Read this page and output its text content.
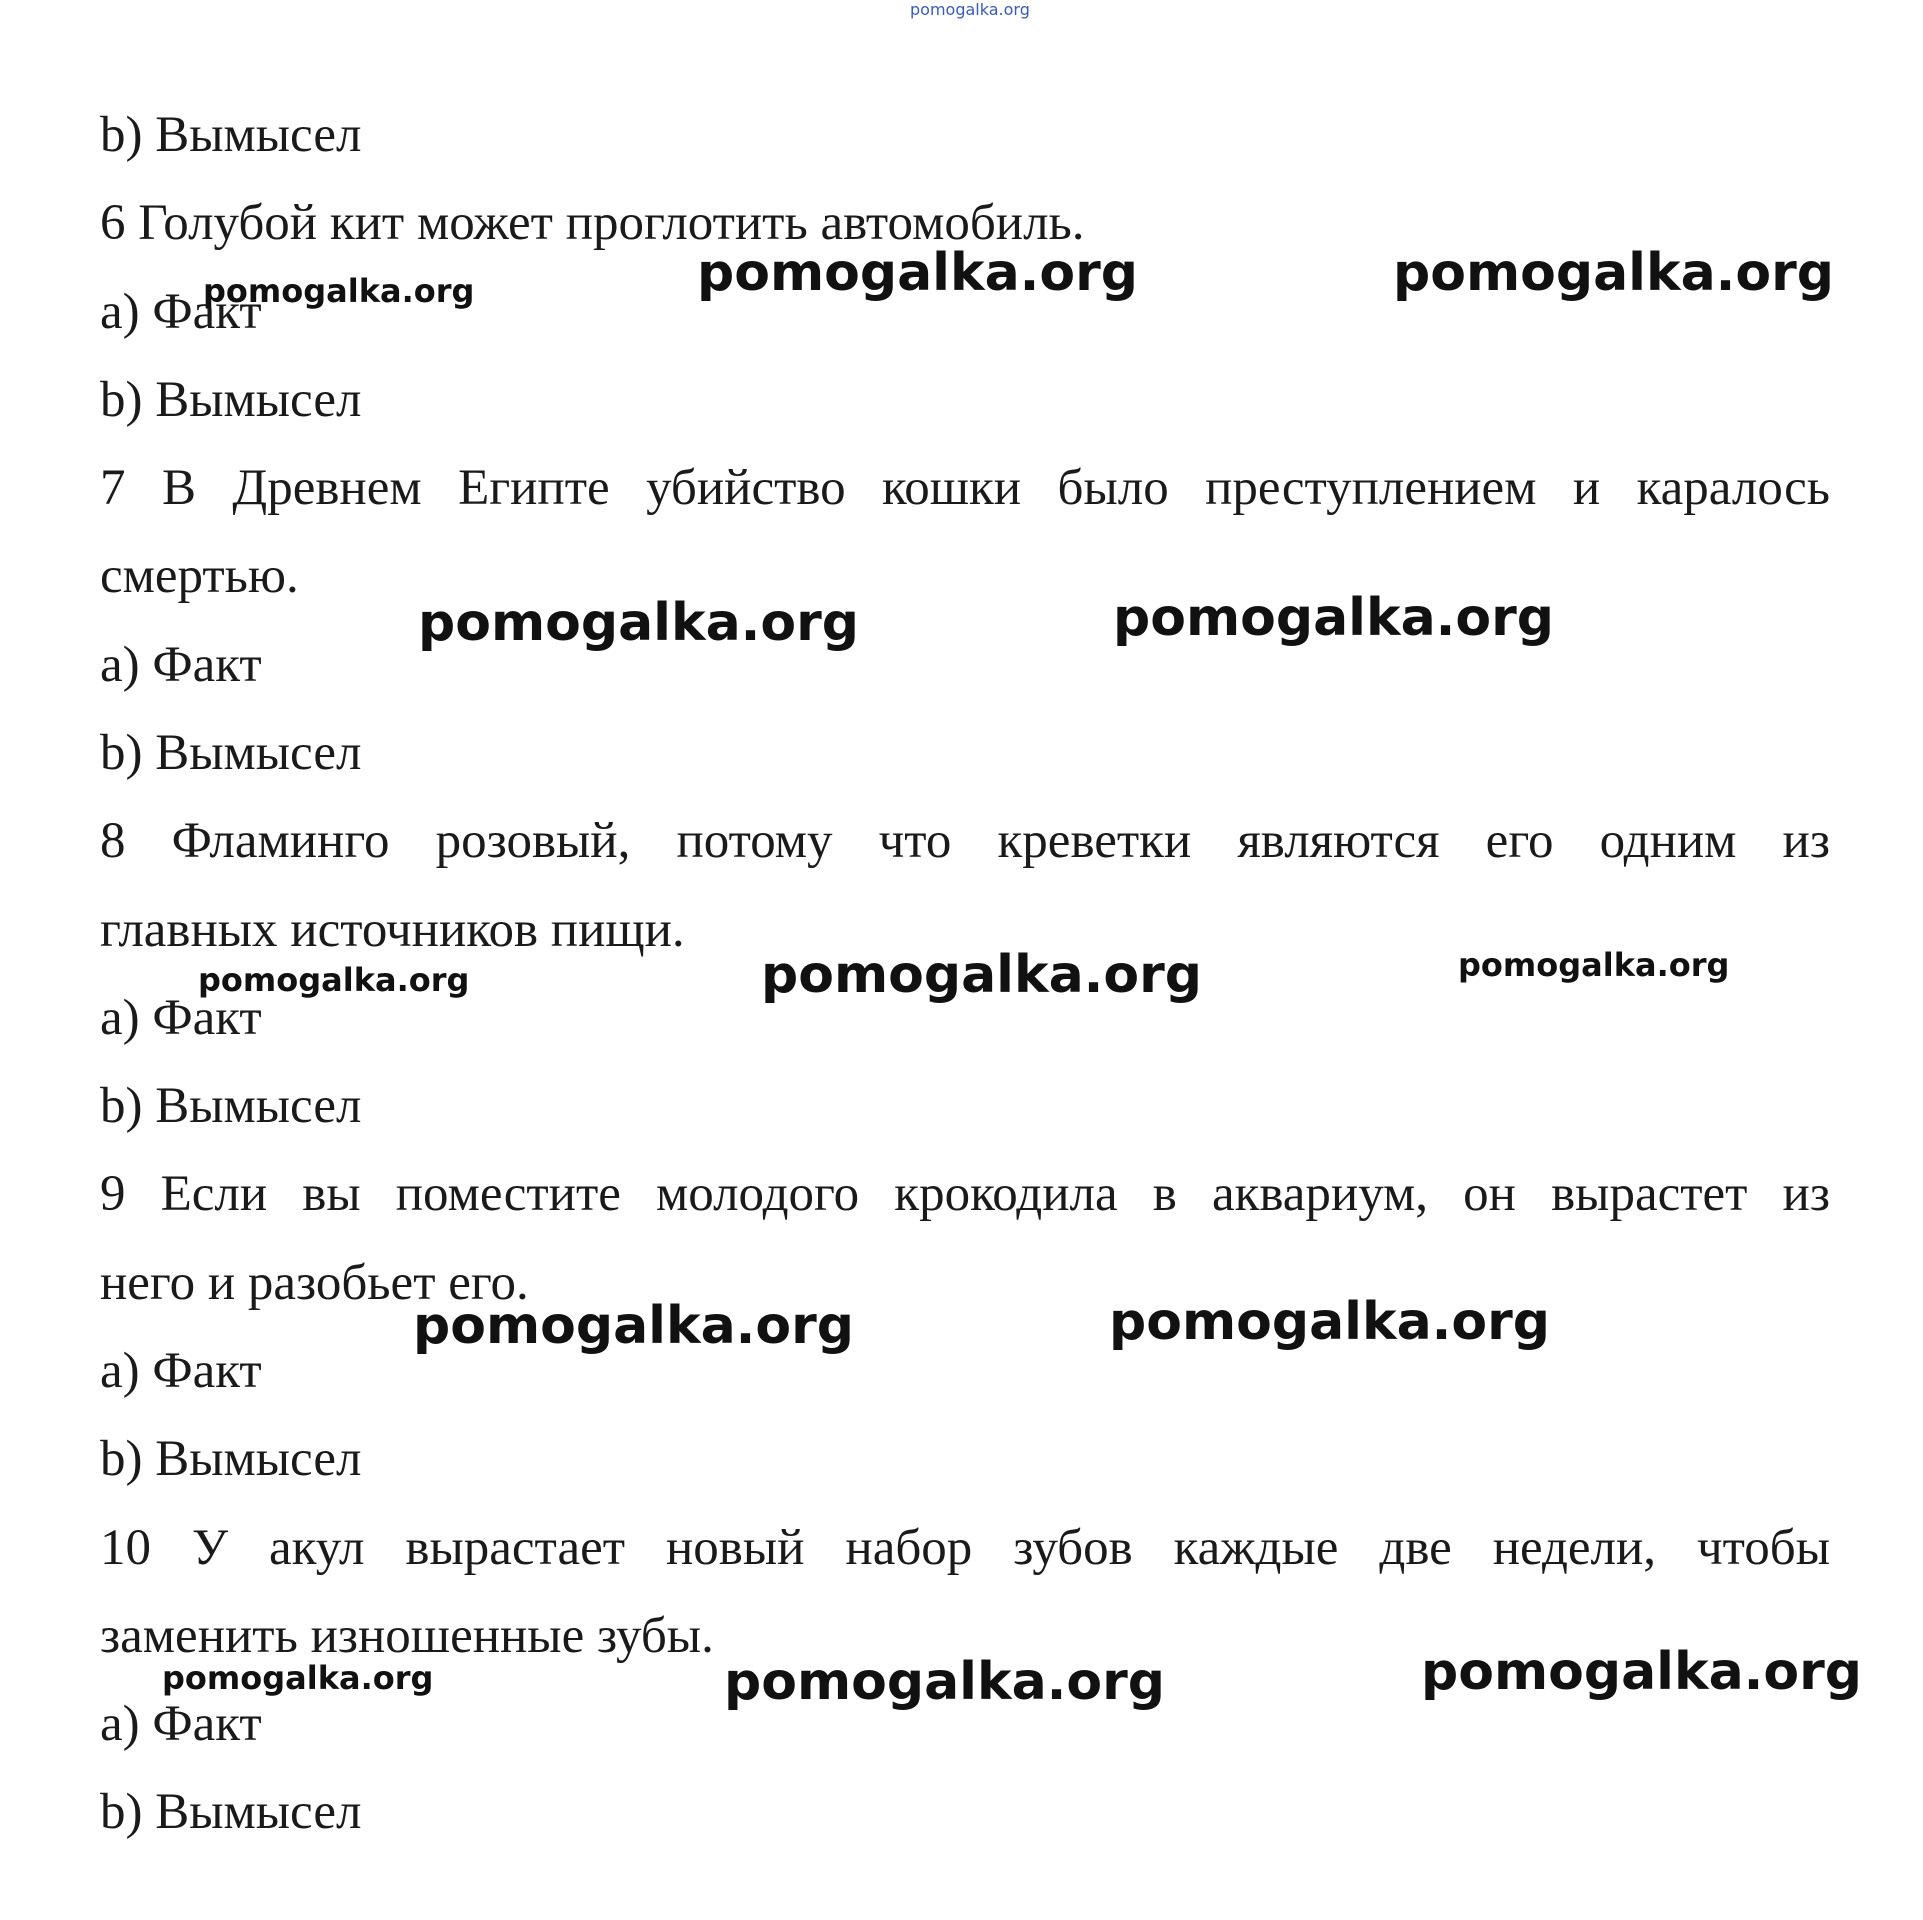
pomogalka.org
b) Вымысел
6 Голубой кит может проглотить автомобиль.
a) Факт
b) Вымысел
7 В Древнем Египте убийство кошки было преступлением и каралось
смертью.
a) Факт
b) Вымысел
8 Фламинго розовый, потому что креветки являются его одним из
главных источников пищи.
a) Факт
b) Вымысел
9 Если вы поместите молодого крокодила в аквариум, он вырастет из
него и разобьет его.
a) Факт
b) Вымысел
10 У акул вырастает новый набор зубов каждые две недели, чтобы
заменить изношенные зубы.
a) Факт
b) Вымысел
pomogalka.org	pomogalka.org	pomogalka.org
pomogalka.org	pomogalka.org
pomogalka.org	pomogalka.org	pomogalka.org
pomogalka.org	pomogalka.org
pomogalka.org	pomogalka.org	pomogalka.org
